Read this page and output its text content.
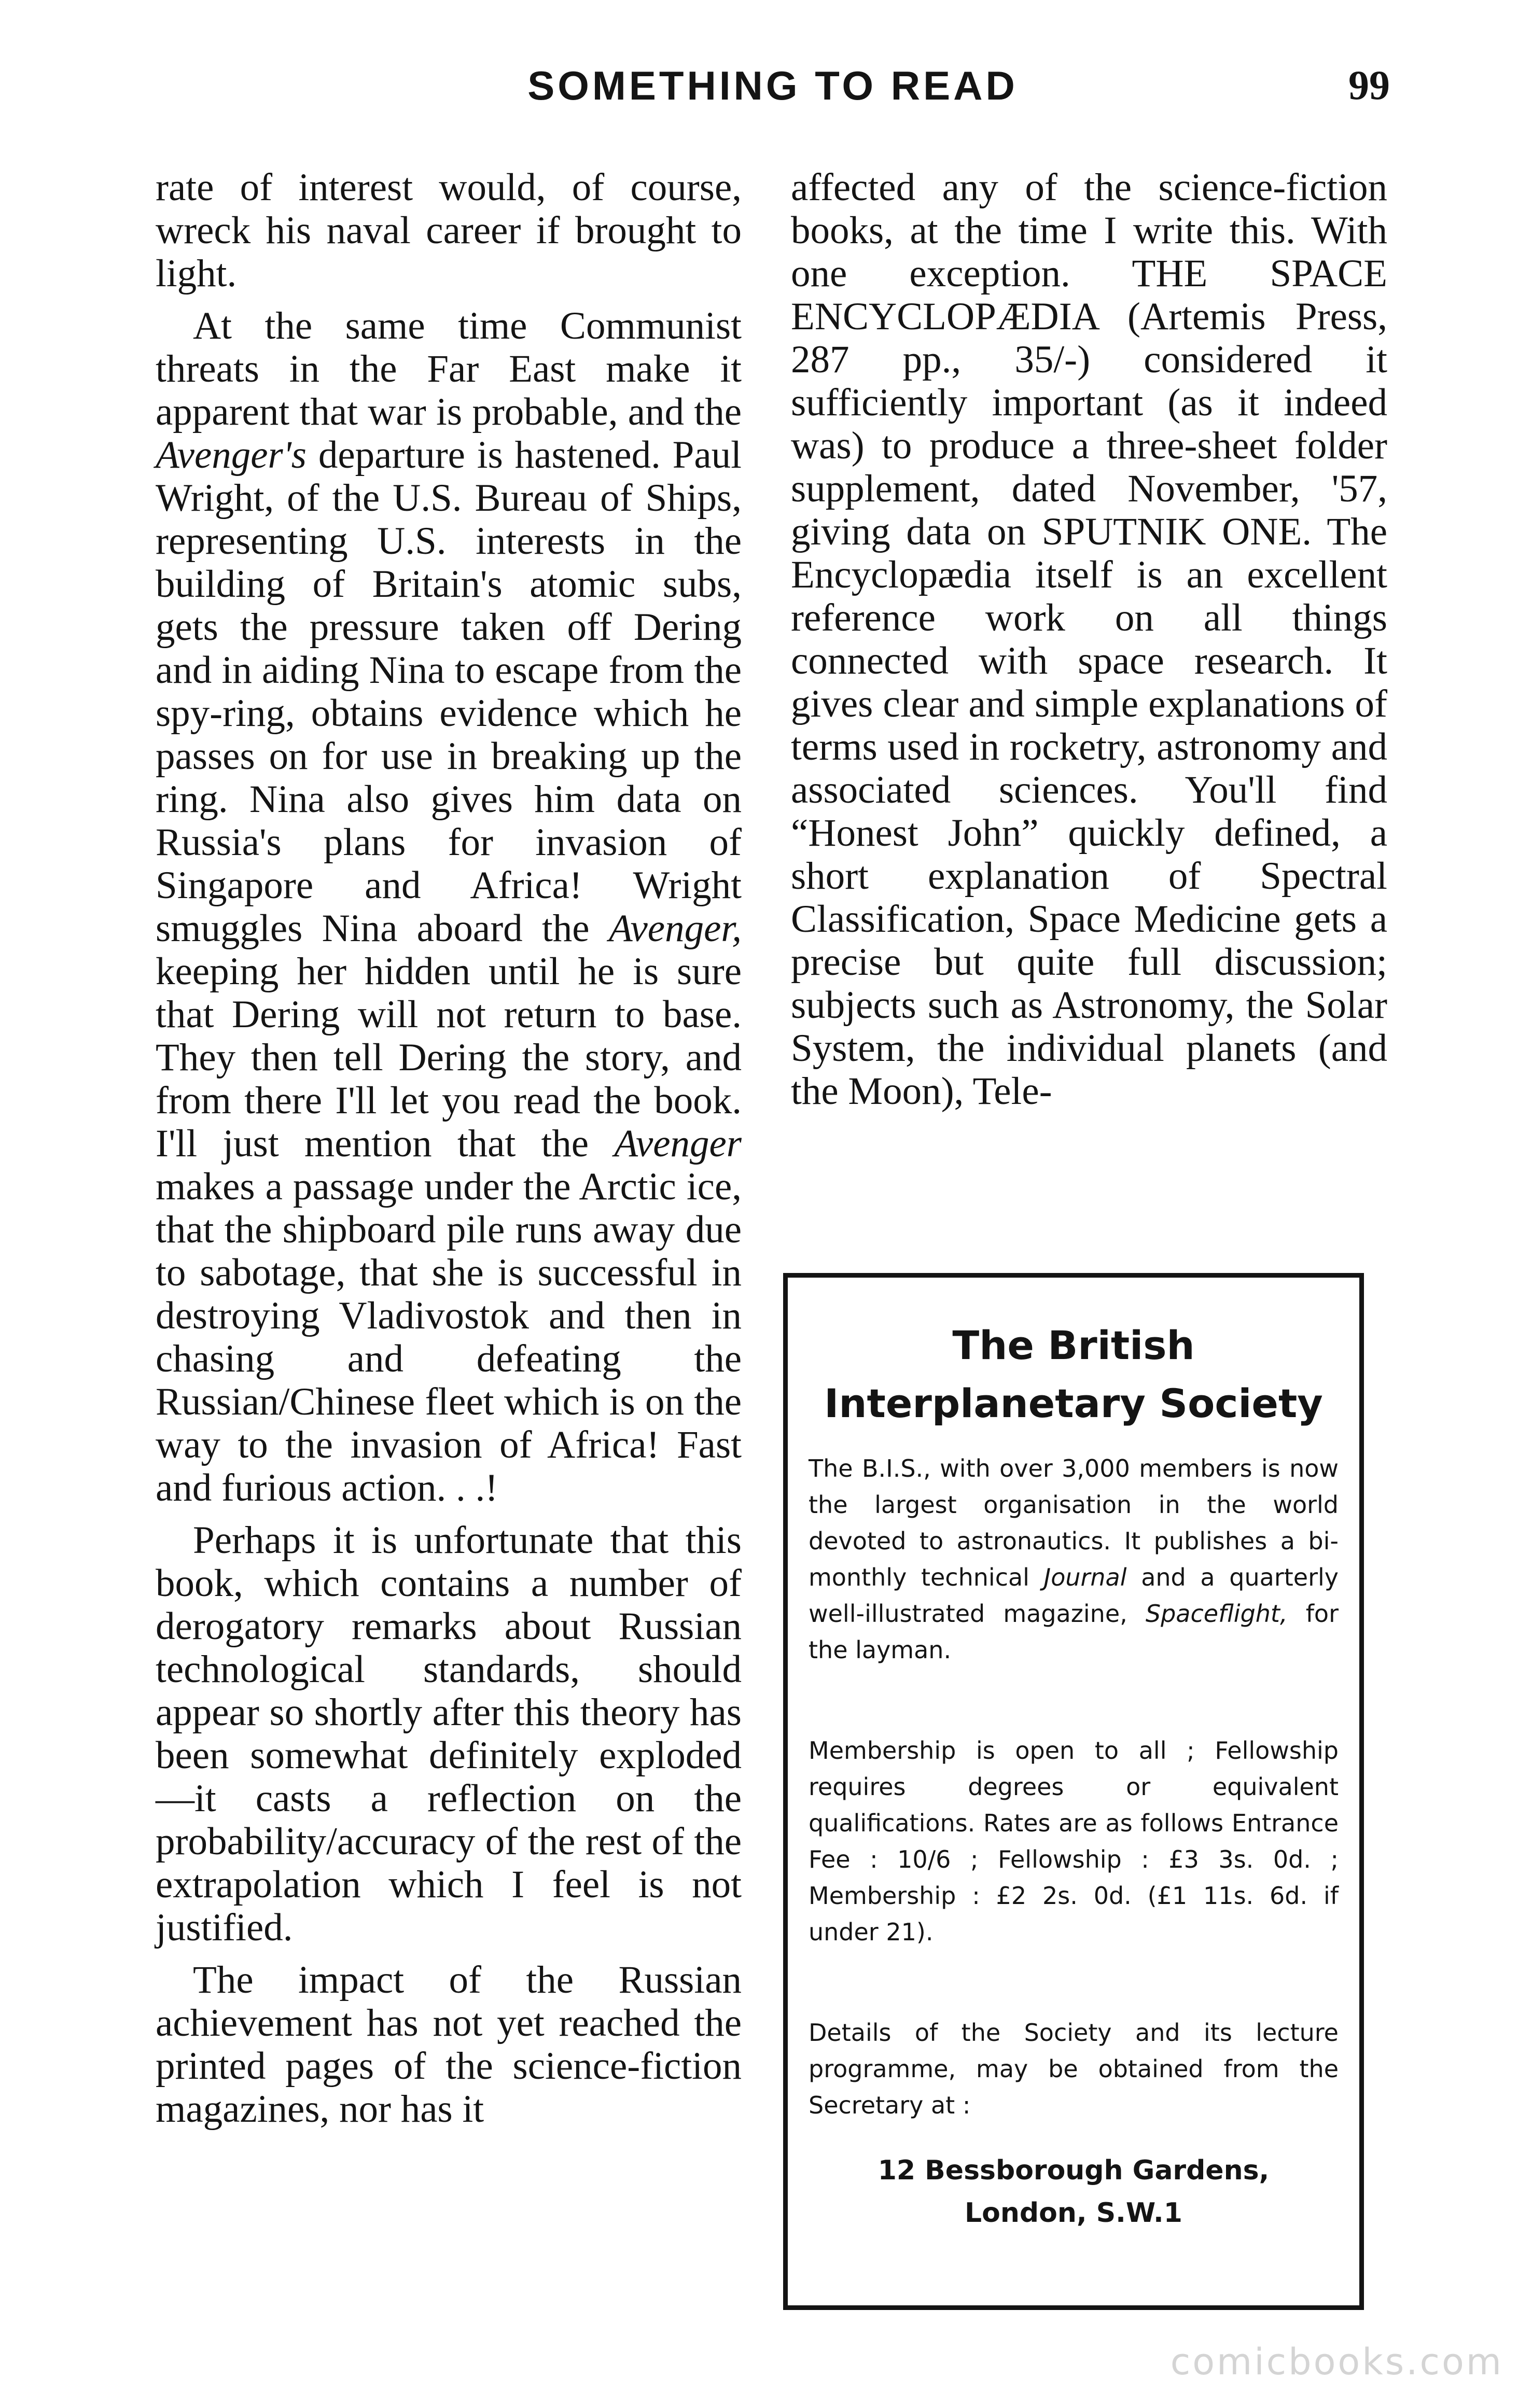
SOMETHING TO READ	99

rate of interest would, of course, wreck his naval career if brought to light.

At the same time Communist threats in the Far East make it apparent that war is probable, and the Avenger's departure is hastened. Paul Wright, of the U.S. Bureau of Ships, representing U.S. interests in the building of Britain's atomic subs, gets the pressure taken off Dering and in aiding Nina to escape from the spy-ring, obtains evidence which he passes on for use in breaking up the ring. Nina also gives him data on Russia's plans for invasion of Singapore and Africa! Wright smuggles Nina aboard the Avenger, keeping her hidden until he is sure that Dering will not return to base. They then tell Dering the story, and from there I'll let you read the book. I'll just mention that the Avenger makes a passage under the Arctic ice, that the shipboard pile runs away due to sabotage, that she is successful in destroying Vladivostok and then in chasing and defeating the Russian/Chinese fleet which is on the way to the invasion of Africa! Fast and furious action. . .!

Perhaps it is unfortunate that this book, which contains a number of derogatory remarks about Russian technological standards, should appear so shortly after this theory has been somewhat definitely exploded—it casts a reflection on the probability/accuracy of the rest of the extrapolation which I feel is not justified.

The impact of the Russian achievement has not yet reached the printed pages of the science-fiction magazines, nor has it

affected any of the science-fiction books, at the time I write this. With one exception. THE SPACE ENCYCLOPÆDIA (Artemis Press, 287 pp., 35/-) considered it sufficiently important (as it indeed was) to produce a three-sheet folder supplement, dated November, '57, giving data on SPUTNIK ONE. The Encyclopædia itself is an excellent reference work on all things connected with space research. It gives clear and simple explanations of terms used in rocketry, astronomy and associated sciences. You'll find “Honest John” quickly defined, a short explanation of Spectral Classification, Space Medicine gets a precise but quite full discussion; subjects such as Astronomy, the Solar System, the individual planets (and the Moon), Tele-

The British
Interplanetary Society
The B.I.S., with over 3,000 members is now the largest organisation in the world devoted to astronautics. It publishes a bi-monthly technical Journal and a quarterly well-illustrated magazine, Spaceflight, for the layman.
Membership is open to all ; Fellowship requires degrees or equivalent qualifications. Rates are as follows Entrance Fee : 10/6 ; Fellowship : £3 3s. 0d. ; Membership : £2 2s. 0d. (£1 11s. 6d. if under 21).
Details of the Society and its lecture programme, may be obtained from the Secretary at :
12 Bessborough Gardens,
London, S.W.1
comicbooks.com
